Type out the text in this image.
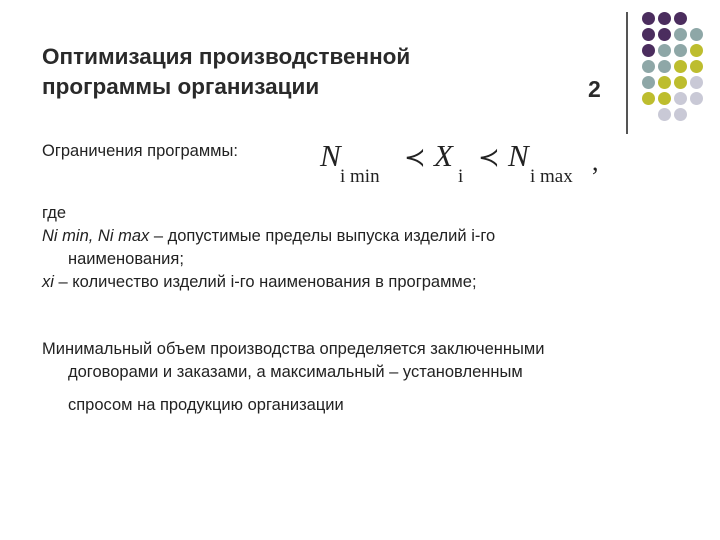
Оптимизация производственной
программы организации	2
Ограничения программы:	N
i min
≺ X
i
≺ N
i max
,

где

Ni min, Ni max – допустимые пределы выпуска изделий i-го

наименования;

xi – количество изделий i-го наименования в программе;

Минимальный объем производства определяется заключенными

договорами и заказами, а максимальный – установленным

спросом на продукцию организации
